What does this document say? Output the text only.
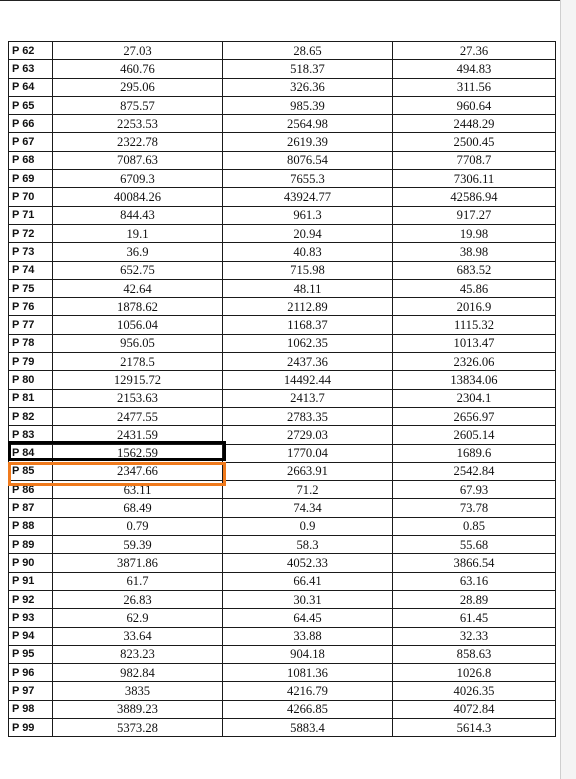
P 62	27.03	28.65	27.36
P 63	460.76	518.37	494.83
P 64	295.06	326.36	311.56
P 65	875.57	985.39	960.64
P 66	2253.53	2564.98	2448.29
P 67	2322.78	2619.39	2500.45
P 68	7087.63	8076.54	7708.7
P 69	6709.3	7655.3	7306.11
P 70	40084.26	43924.77	42586.94
P 71	844.43	961.3	917.27
P 72	19.1	20.94	19.98
P 73	36.9	40.83	38.98
P 74	652.75	715.98	683.52
P 75	42.64	48.11	45.86
P 76	1878.62	2112.89	2016.9
P 77	1056.04	1168.37	1115.32
P 78	956.05	1062.35	1013.47
P 79	2178.5	2437.36	2326.06
P 80	12915.72	14492.44	13834.06
P 81	2153.63	2413.7	2304.1
P 82	2477.55	2783.35	2656.97
P 83	2431.59	2729.03	2605.14
P 84	1562.59	1770.04	1689.6
P 85	2347.66	2663.91	2542.84
P 86	63.11	71.2	67.93
P 87	68.49	74.34	73.78
P 88	0.79	0.9	0.85
P 89	59.39	58.3	55.68
P 90	3871.86	4052.33	3866.54
P 91	61.7	66.41	63.16
P 92	26.83	30.31	28.89
P 93	62.9	64.45	61.45
P 94	33.64	33.88	32.33
P 95	823.23	904.18	858.63
P 96	982.84	1081.36	1026.8
P 97	3835	4216.79	4026.35
P 98	3889.23	4266.85	4072.84
P 99	5373.28	5883.4	5614.3
